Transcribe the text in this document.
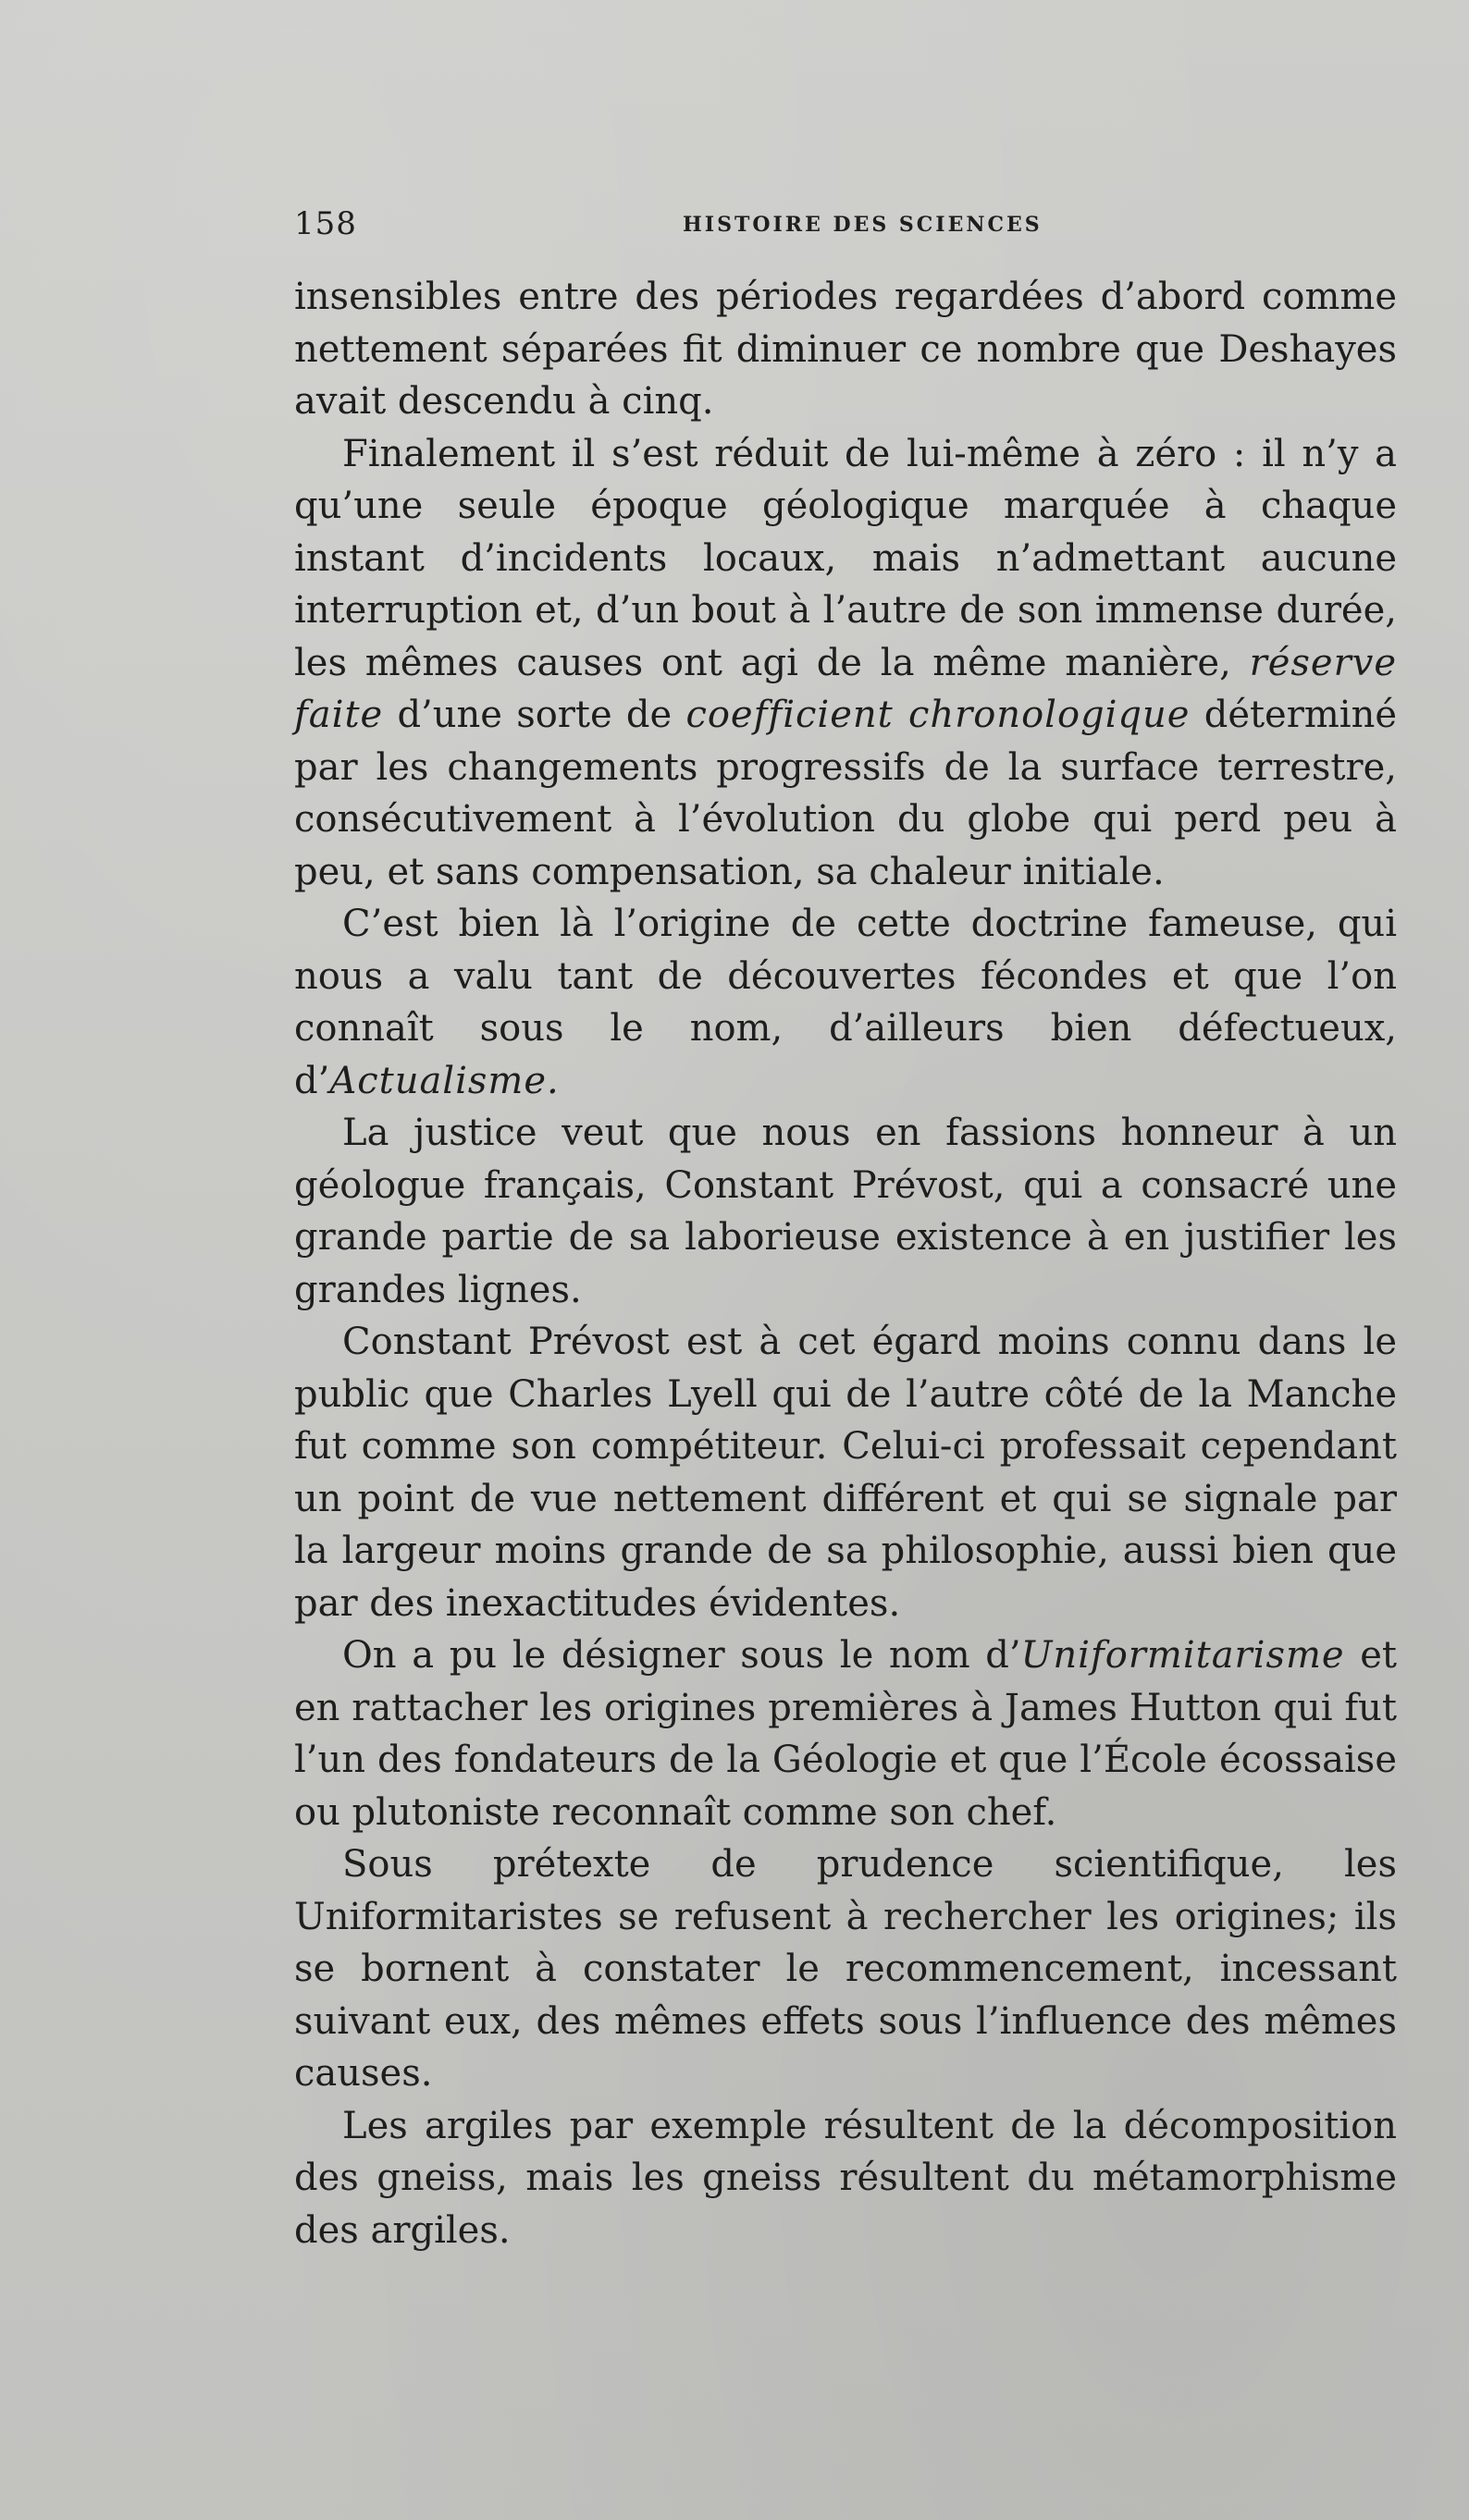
158	HISTOIRE DES SCIENCES

insensibles entre des périodes regardées d’abord comme nettement séparées fit diminuer ce nombre que Deshayes avait descendu à cinq.

Finalement il s’est réduit de lui-même à zéro : il n’y a qu’une seule époque géologique marquée à chaque instant d’incidents locaux, mais n’admettant aucune interruption et, d’un bout à l’autre de son immense durée, les mêmes causes ont agi de la même manière, réserve faite d’une sorte de coefficient chronologique déterminé par les changements progressifs de la surface terrestre, consécutivement à l’évolution du globe qui perd peu à peu, et sans compensation, sa chaleur initiale.

C’est bien là l’origine de cette doctrine fameuse, qui nous a valu tant de découvertes fécondes et que l’on connaît sous le nom, d’ailleurs bien défectueux, d’Actualisme.

La justice veut que nous en fassions honneur à un géologue français, Constant Prévost, qui a consacré une grande partie de sa laborieuse existence à en justifier les grandes lignes.

Constant Prévost est à cet égard moins connu dans le public que Charles Lyell qui de l’autre côté de la Manche fut comme son compétiteur. Celui-ci professait cependant un point de vue nettement différent et qui se signale par la largeur moins grande de sa philosophie, aussi bien que par des inexactitudes évidentes.

On a pu le désigner sous le nom d’Uniformitarisme et en rattacher les origines premières à James Hutton qui fut l’un des fondateurs de la Géologie et que l’École écossaise ou plutoniste reconnaît comme son chef.

Sous prétexte de prudence scientifique, les Uniformitaristes se refusent à rechercher les origines; ils se bornent à constater le recommencement, incessant suivant eux, des mêmes effets sous l’influence des mêmes causes.

Les argiles par exemple résultent de la décomposition des gneiss, mais les gneiss résultent du métamorphisme des argiles.
